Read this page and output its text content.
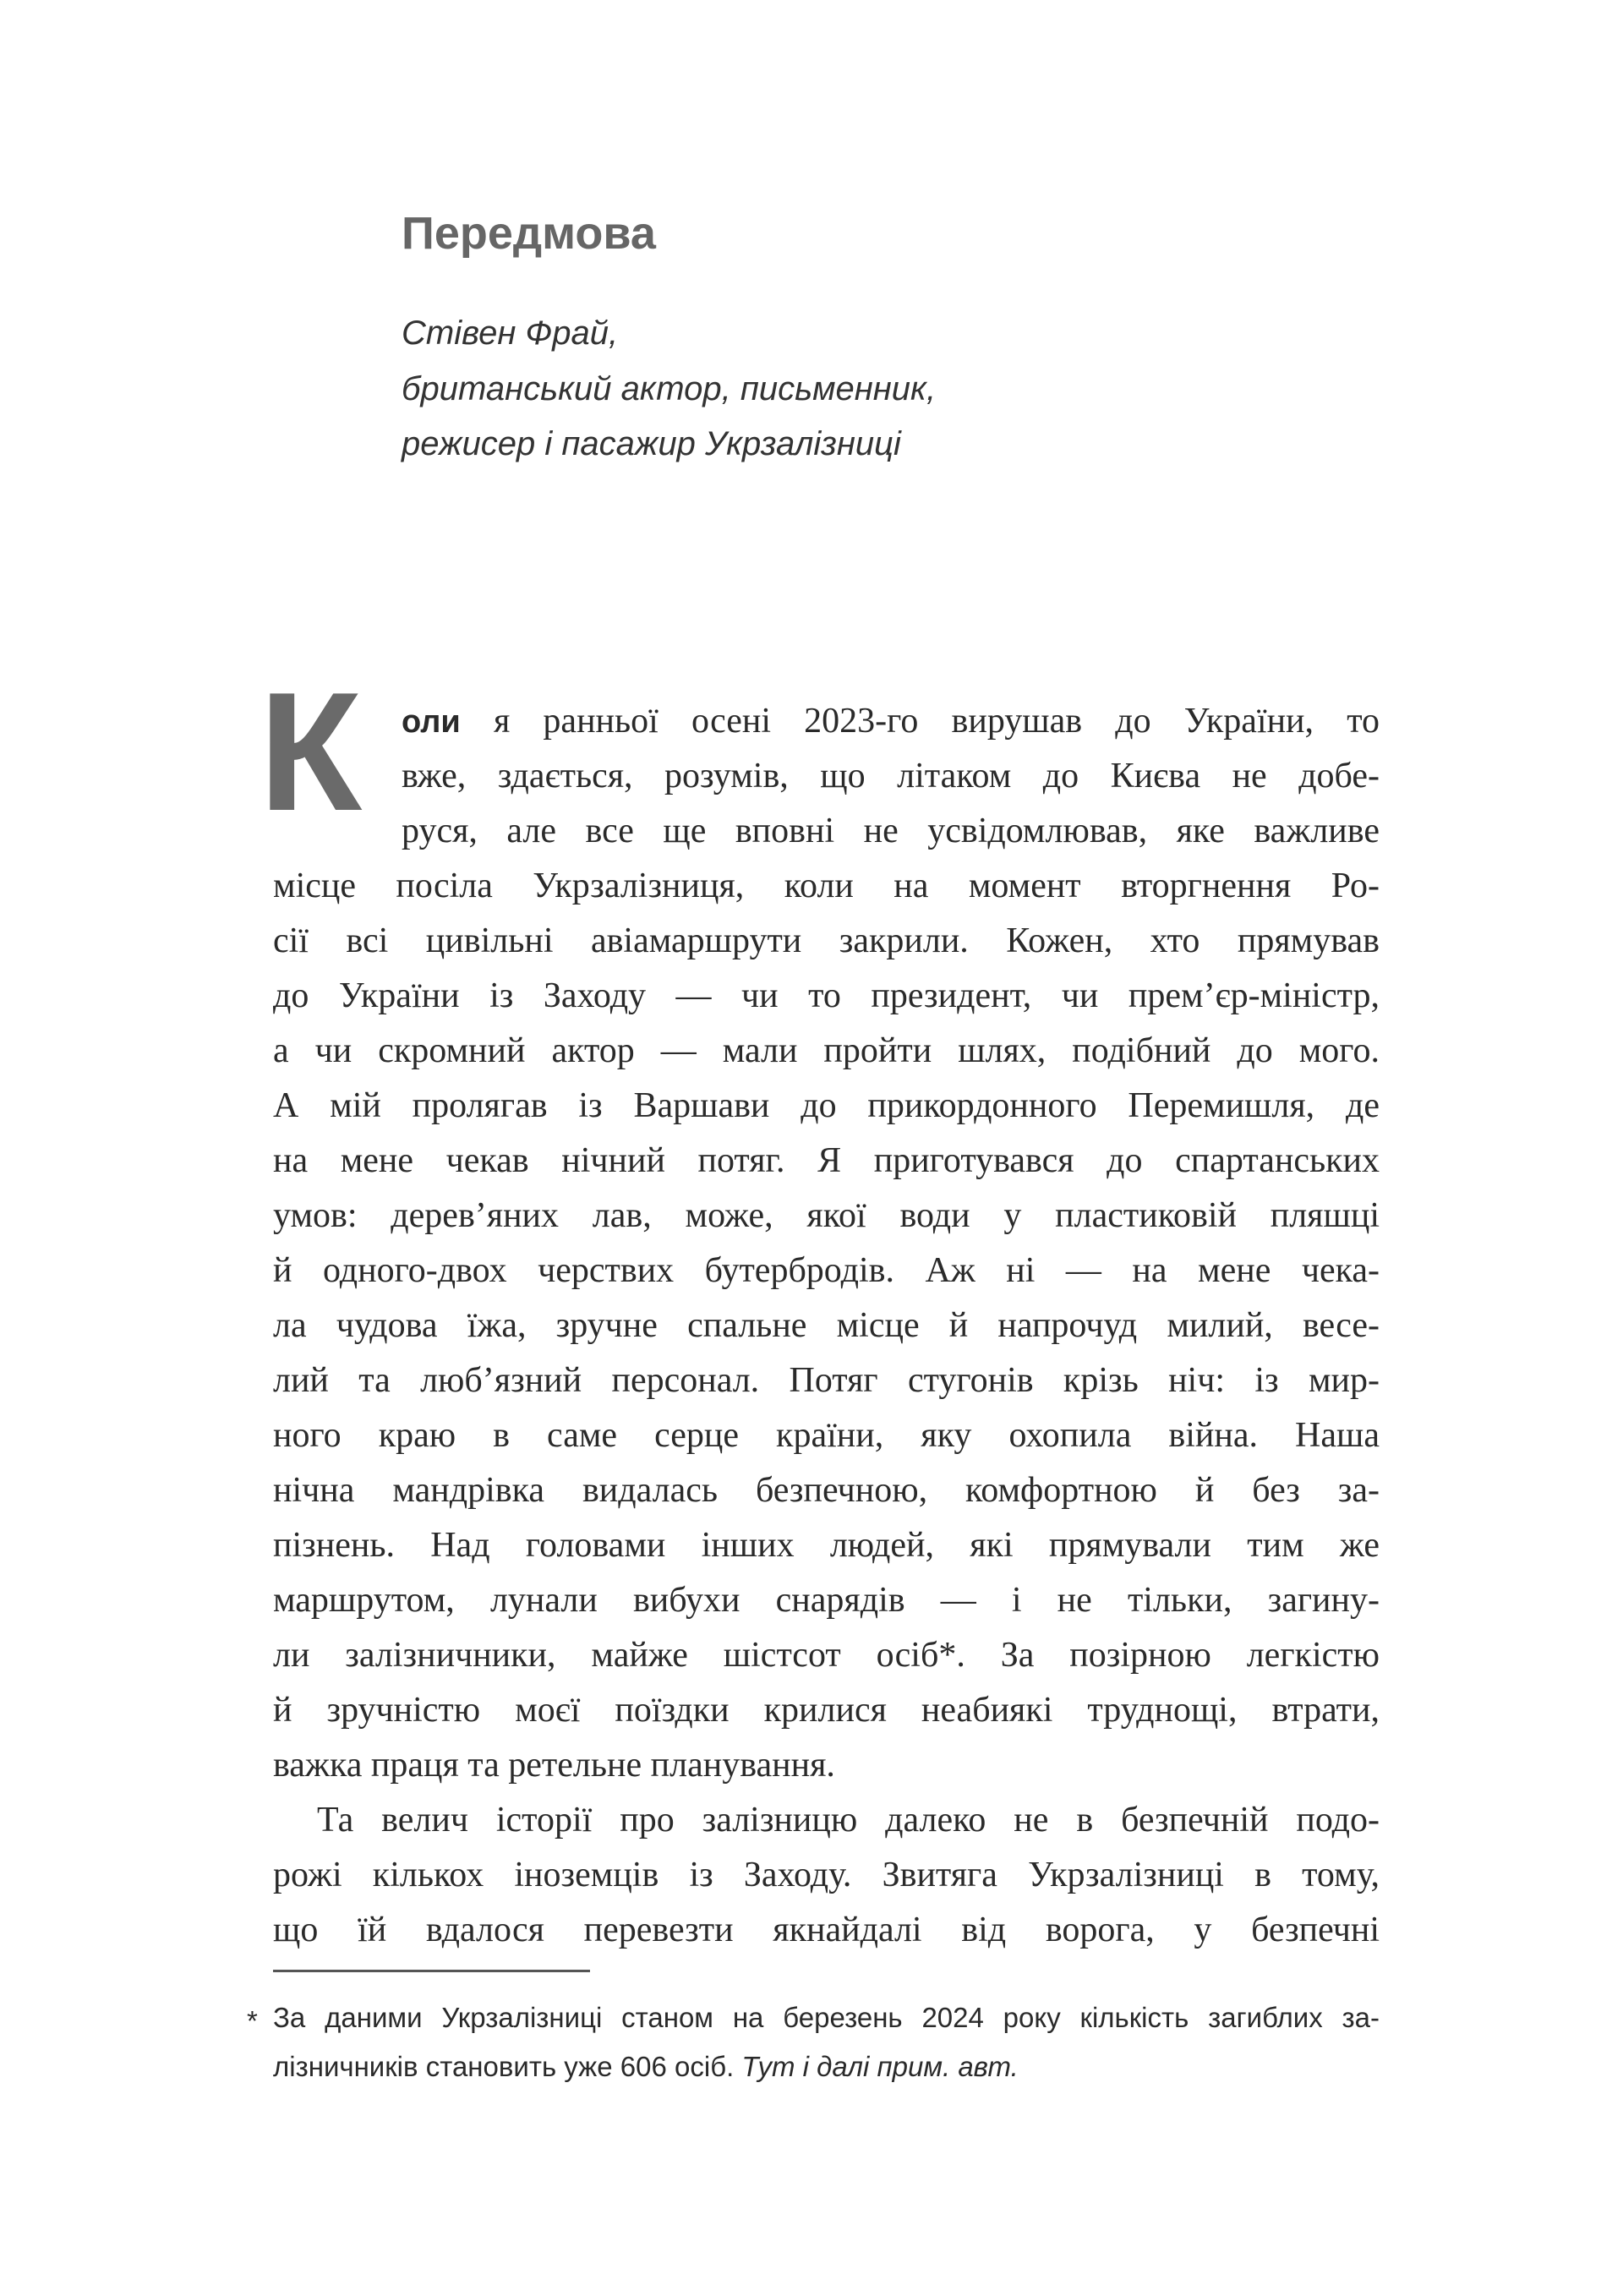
Передмова
Стівен Фрай,
британський актор, письменник,
режисер і пасажир Укрзалізниці
К оли я ранньої осені 2023-го вирушав до України, то
вже, здається, розумів, що літаком до Києва не добе-
руся, але все ще вповні не усвідомлював, яке важливе
місце посіла Укрзалізниця, коли на момент вторгнення Ро-
сії всі цивільні авіамаршрути закрили. Кожен, хто прямував
до України із Заходу — чи то президент, чи прем’єр-міністр,
а чи скромний актор — мали пройти шлях, подібний до мого.
А мій пролягав із Варшави до прикордонного Перемишля, де
на мене чекав нічний потяг. Я приготувався до спартанських
умов: дерев’яних лав, може, якої води у пластиковій пляшці
й одного-двох черствих бутербродів. Аж ні — на мене чека-
ла чудова їжа, зручне спальне місце й напрочуд милий, весе-
лий та люб’язний персонал. Потяг стугонів крізь ніч: із мир-
ного краю в саме серце країни, яку охопила війна. Наша
нічна мандрівка видалась безпечною, комфортною й без за-
пізнень. Над головами інших людей, які прямували тим же
маршрутом, лунали вибухи снарядів — і не тільки, загину-
ли залізничники, майже шістсот осіб*. За позірною легкістю
й зручністю моєї поїздки крилися неабиякі труднощі, втрати,
важка праця та ретельне планування.
Та велич історії про залізницю далеко не в безпечній подо-
рожі кількох іноземців із Заходу. Звитяга Укрзалізниці в тому,
що їй вдалося перевезти якнайдалі від ворога, у безпечні
* За даними Укрзалізниці станом на березень 2024 року кількість загиблих за-
лізничників становить уже 606 осіб. Тут і далі прим. авт.
